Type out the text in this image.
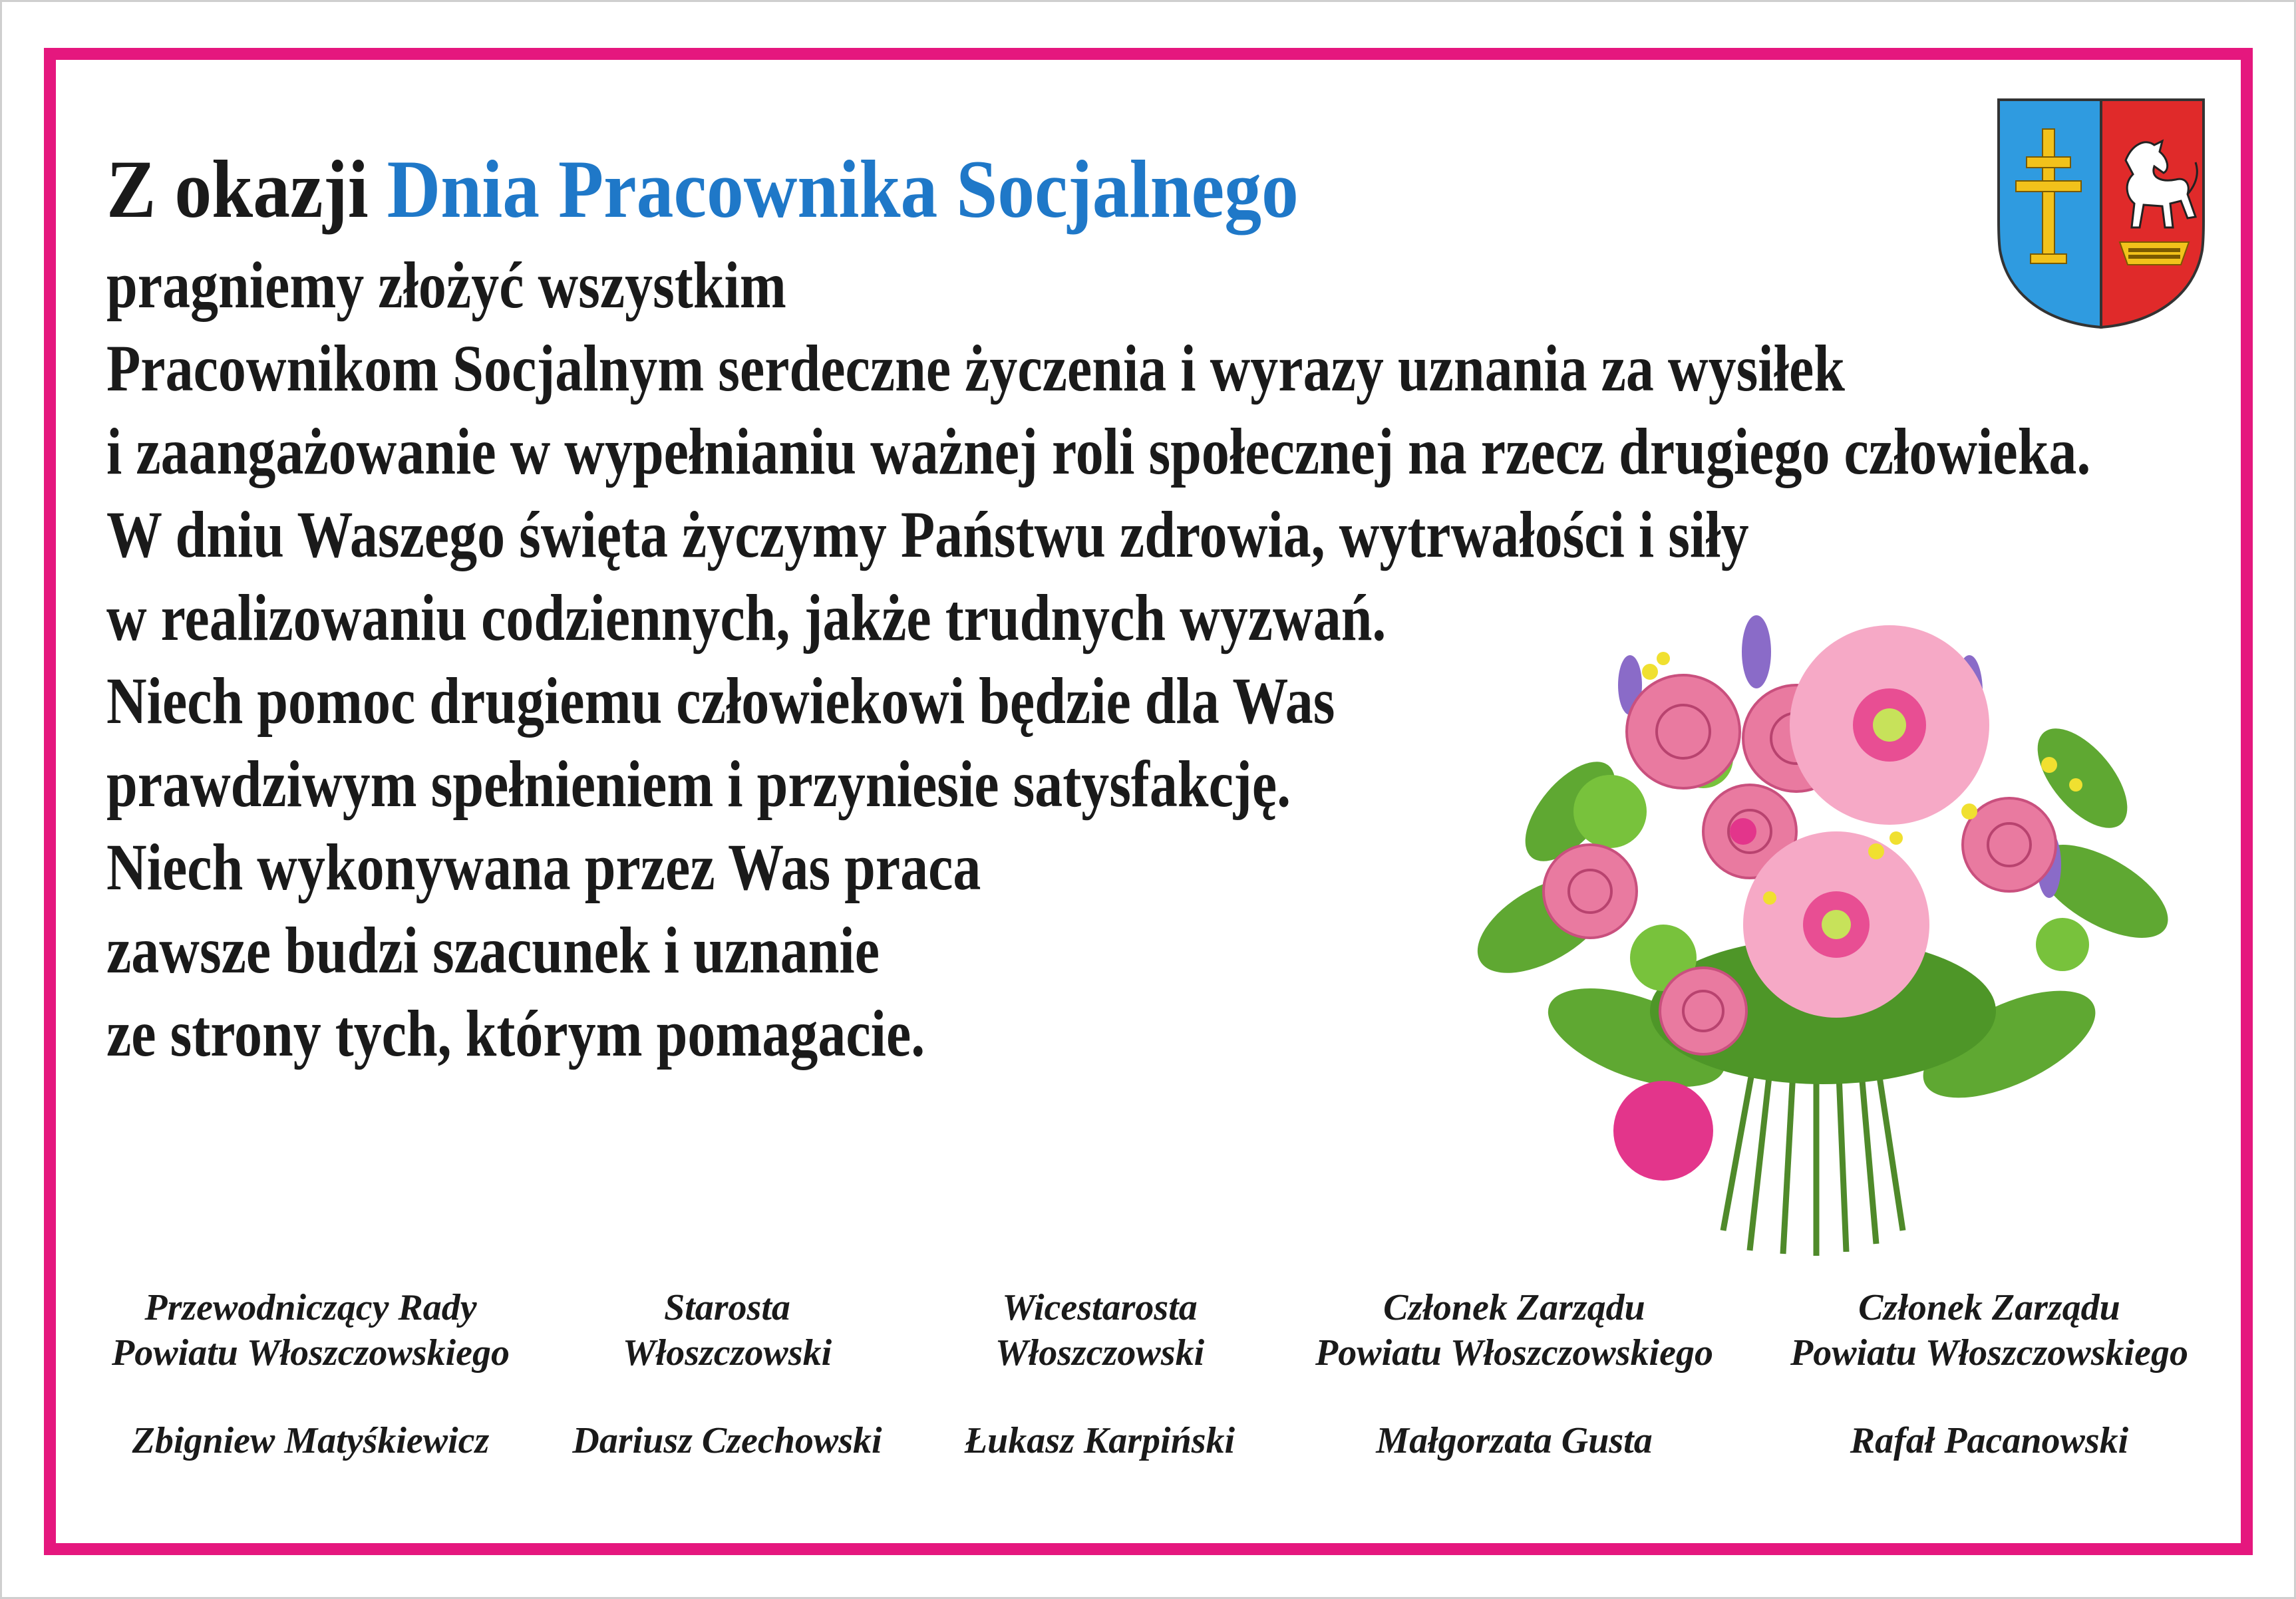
Z okazji Dnia Pracownika Socjalnego
pragniemy złożyć wszystkim
Pracownikom Socjalnym serdeczne życzenia i wyrazy uznania za wysiłek
i zaangażowanie w wypełnianiu ważnej roli społecznej na rzecz drugiego człowieka.
W dniu Waszego święta życzymy Państwu zdrowia, wytrwałości i siły
w realizowaniu codziennych, jakże trudnych wyzwań.
Niech pomoc drugiemu człowiekowi będzie dla Was
prawdziwym spełnieniem i przyniesie satysfakcję.
Niech wykonywana przez Was praca
zawsze budzi szacunek i uznanie
ze strony tych, którym pomagacie.
Przewodniczący Rady
Powiatu Włoszczowskiego
Zbigniew Matyśkiewicz
Starosta
Włoszczowski
Dariusz Czechowski
Wicestarosta
Włoszczowski
Łukasz Karpiński
Członek Zarządu
Powiatu Włoszczowskiego
Małgorzata Gusta
Członek Zarządu
Powiatu Włoszczowskiego
Rafał Pacanowski
